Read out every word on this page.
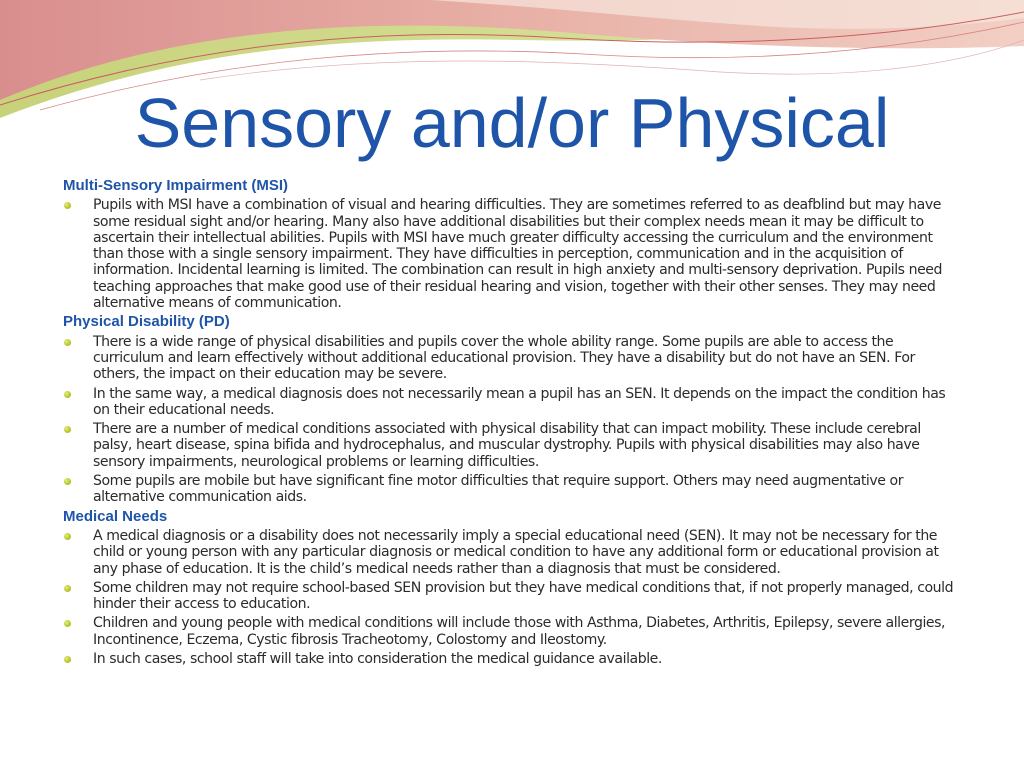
Sensory and/or Physical
Multi-Sensory Impairment (MSI)
Pupils with MSI have a combination of visual and hearing difficulties. They are sometimes referred to as deafblind but may have some residual sight and/or hearing. Many also have additional disabilities but their complex needs mean it may be difficult to ascertain their intellectual abilities. Pupils with MSI have much greater difficulty accessing the curriculum and the environment than those with a single sensory impairment. They have difficulties in perception, communication and in the acquisition of information. Incidental learning is limited. The combination can result in high anxiety and multi-sensory deprivation. Pupils need teaching approaches that make good use of their residual hearing and vision, together with their other senses. They may need alternative means of communication.
Physical Disability (PD)
There is a wide range of physical disabilities and pupils cover the whole ability range. Some pupils are able to access the curriculum and learn effectively without additional educational provision. They have a disability but do not have an SEN. For others, the impact on their education may be severe.
In the same way, a medical diagnosis does not necessarily mean a pupil has an SEN. It depends on the impact the condition has on their educational needs.
There are a number of medical conditions associated with physical disability that can impact mobility. These include cerebral palsy, heart disease, spina bifida and hydrocephalus, and muscular dystrophy. Pupils with physical disabilities may also have sensory impairments, neurological problems or learning difficulties.
Some pupils are mobile but have significant fine motor difficulties that require support. Others may need augmentative or alternative communication aids.
Medical Needs
A medical diagnosis or a disability does not necessarily imply a special educational need (SEN). It may not be necessary for the child or young person with any particular diagnosis or medical condition to have any additional form or educational provision at any phase of education. It is the child’s medical needs rather than a diagnosis that must be considered.
Some children may not require school-based SEN provision but they have medical conditions that, if not properly managed, could hinder their access to education.
Children and young people with medical conditions will include those with Asthma, Diabetes, Arthritis, Epilepsy, severe allergies, Incontinence, Eczema, Cystic fibrosis Tracheotomy, Colostomy and Ileostomy.
In such cases, school staff will take into consideration the medical guidance available.
